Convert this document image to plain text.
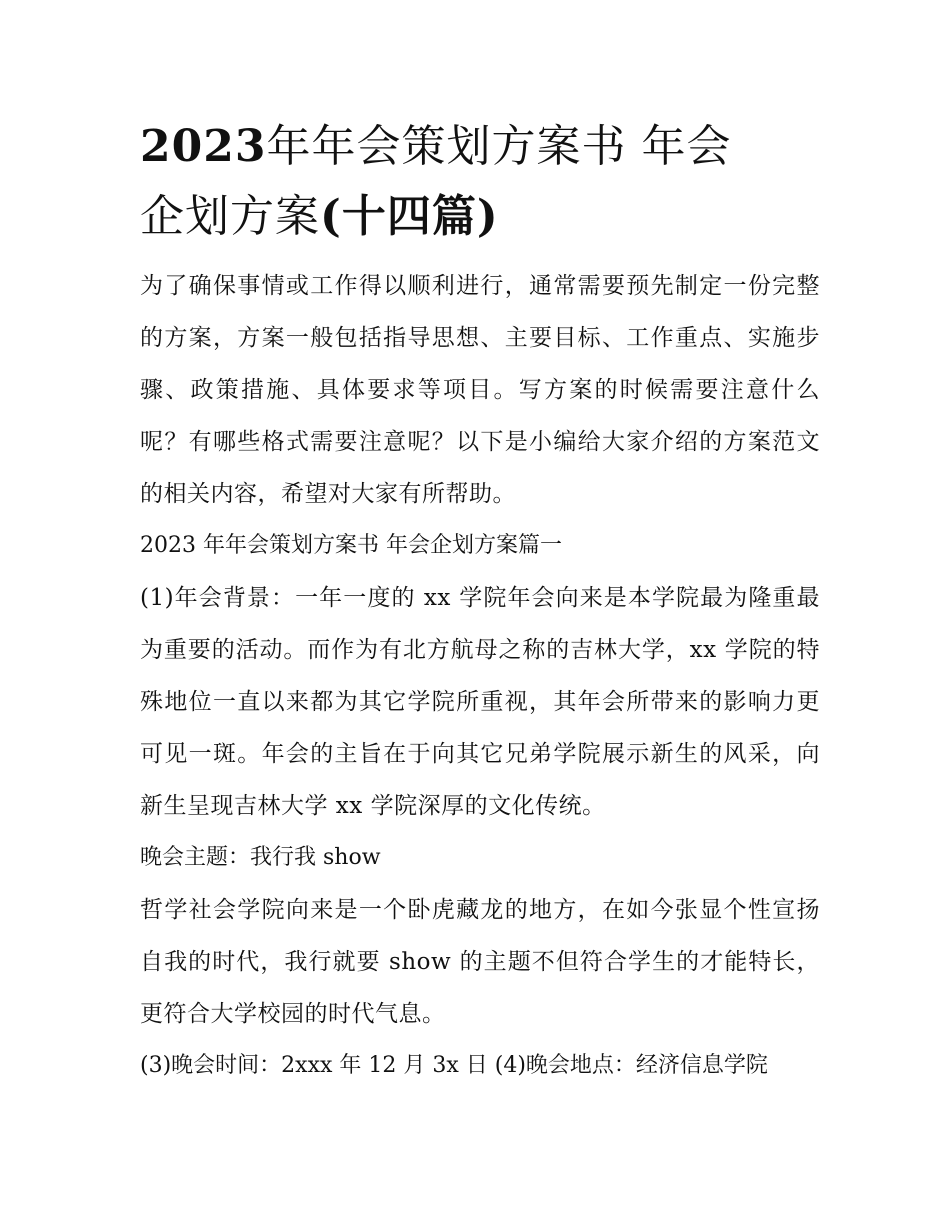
2023年年会策划方案书 年会
企划方案(十四篇)

为了确保事情或工作得以顺利进行，通常需要预先制定一份完整的方案，方案一般包括指导思想、主要目标、工作重点、实施步骤、政策措施、具体要求等项目。写方案的时候需要注意什么呢？有哪些格式需要注意呢？以下是小编给大家介绍的方案范文的相关内容，希望对大家有所帮助。

2023 年年会策划方案书 年会企划方案篇一

(1)年会背景：一年一度的 xx 学院年会向来是本学院最为隆重最为重要的活动。而作为有北方航母之称的吉林大学，xx 学院的特殊地位一直以来都为其它学院所重视，其年会所带来的影响力更可见一斑。年会的主旨在于向其它兄弟学院展示新生的风采，向新生呈现吉林大学 xx 学院深厚的文化传统。

晚会主题：我行我 show

哲学社会学院向来是一个卧虎藏龙的地方，在如今张显个性宣扬自我的时代，我行就要 show 的主题不但符合学生的才能特长，更符合大学校园的时代气息。

(3)晚会时间：2xxx 年 12 月 3x 日 (4)晚会地点：经济信息学院
